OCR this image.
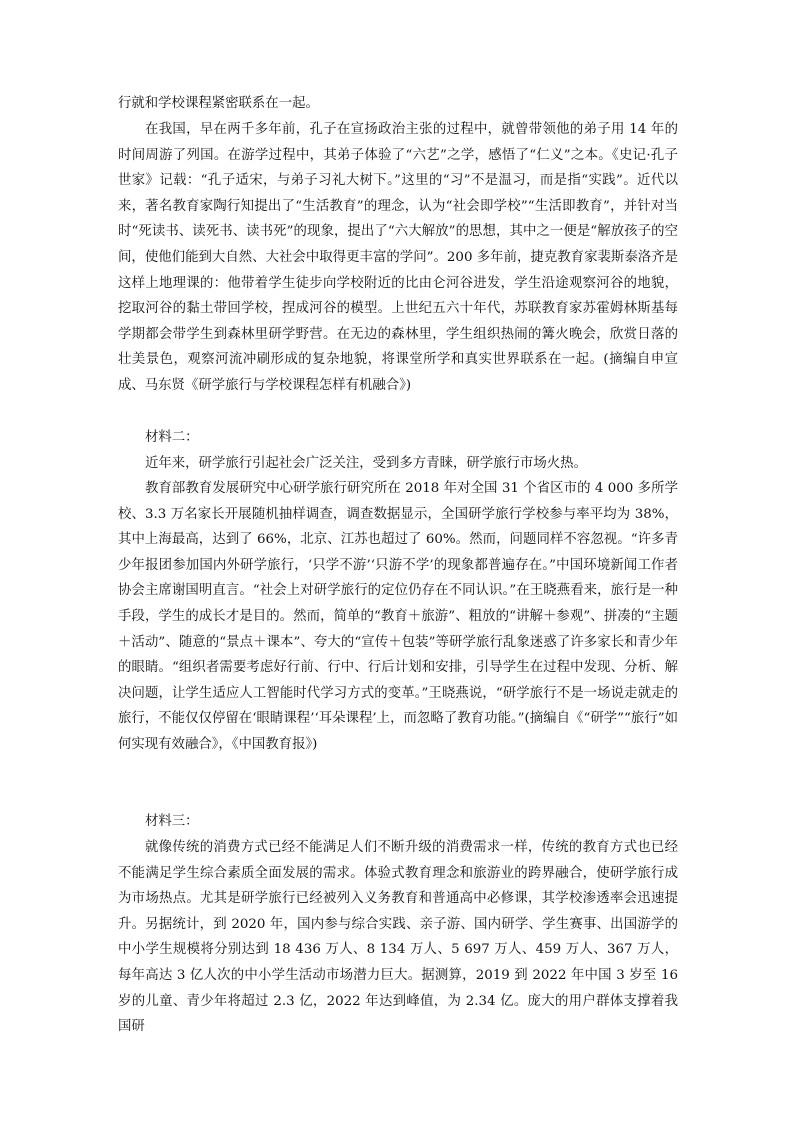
行就和学校课程紧密联系在一起。

在我国，早在两千多年前，孔子在宣扬政治主张的过程中，就曾带领他的弟子用 14 年的时间周游了列国。在游学过程中，其弟子体验了“六艺”之学，感悟了“仁义”之本。《史记·孔子世家》记载：“孔子适宋，与弟子习礼大树下。”这里的“习”不是温习，而是指“实践”。近代以来，著名教育家陶行知提出了“生活教育”的理念，认为“社会即学校”“生活即教育”，并针对当时“死读书、读死书、读书死”的现象，提出了“六大解放”的思想，其中之一便是“解放孩子的空间，使他们能到大自然、大社会中取得更丰富的学问”。200 多年前，捷克教育家裴斯泰洛齐是这样上地理课的：他带着学生徒步向学校附近的比由仑河谷进发，学生沿途观察河谷的地貌，挖取河谷的黏土带回学校，捏成河谷的模型。上世纪五六十年代，苏联教育家苏霍姆林斯基每学期都会带学生到森林里研学野营。在无边的森林里，学生组织热闹的篝火晚会，欣赏日落的壮美景色，观察河流冲刷形成的复杂地貌，将课堂所学和真实世界联系在一起。(摘编自申宣成、马东贤《研学旅行与学校课程怎样有机融合》)

材料二：

近年来，研学旅行引起社会广泛关注，受到多方青睐，研学旅行市场火热。

教育部教育发展研究中心研学旅行研究所在 2018 年对全国 31 个省区市的 4 000 多所学校、3.3 万名家长开展随机抽样调查，调查数据显示，全国研学旅行学校参与率平均为 38%，其中上海最高，达到了 66%，北京、江苏也超过了 60%。然而，问题同样不容忽视。“许多青少年报团参加国内外研学旅行，‘只学不游’‘只游不学’的现象都普遍存在。”中国环境新闻工作者协会主席谢国明直言。“社会上对研学旅行的定位仍存在不同认识。”在王晓燕看来，旅行是一种手段，学生的成长才是目的。然而，简单的“教育＋旅游”、粗放的“讲解＋参观”、拼凑的“主题＋活动”、随意的“景点＋课本”、夸大的“宣传＋包装”等研学旅行乱象迷惑了许多家长和青少年的眼睛。“组织者需要考虑好行前、行中、行后计划和安排，引导学生在过程中发现、分析、解决问题，让学生适应人工智能时代学习方式的变革。”王晓燕说，“研学旅行不是一场说走就走的旅行，不能仅仅停留在‘眼睛课程’‘耳朵课程’上，而忽略了教育功能。”(摘编自《“研学”“旅行”如何实现有效融合》，《中国教育报》)

材料三：

就像传统的消费方式已经不能满足人们不断升级的消费需求一样，传统的教育方式也已经不能满足学生综合素质全面发展的需求。体验式教育理念和旅游业的跨界融合，使研学旅行成为市场热点。尤其是研学旅行已经被列入义务教育和普通高中必修课，其学校渗透率会迅速提升。另据统计，到 2020 年，国内参与综合实践、亲子游、国内研学、学生赛事、出国游学的中小学生规模将分别达到 18 436 万人、8 134 万人、5 697 万人、459 万人、367 万人，每年高达 3 亿人次的中小学生活动市场潜力巨大。据测算，2019 到 2022 年中国 3 岁至 16 岁的儿童、青少年将超过 2.3 亿，2022 年达到峰值，为 2.34 亿。庞大的用户群体支撑着我国研
